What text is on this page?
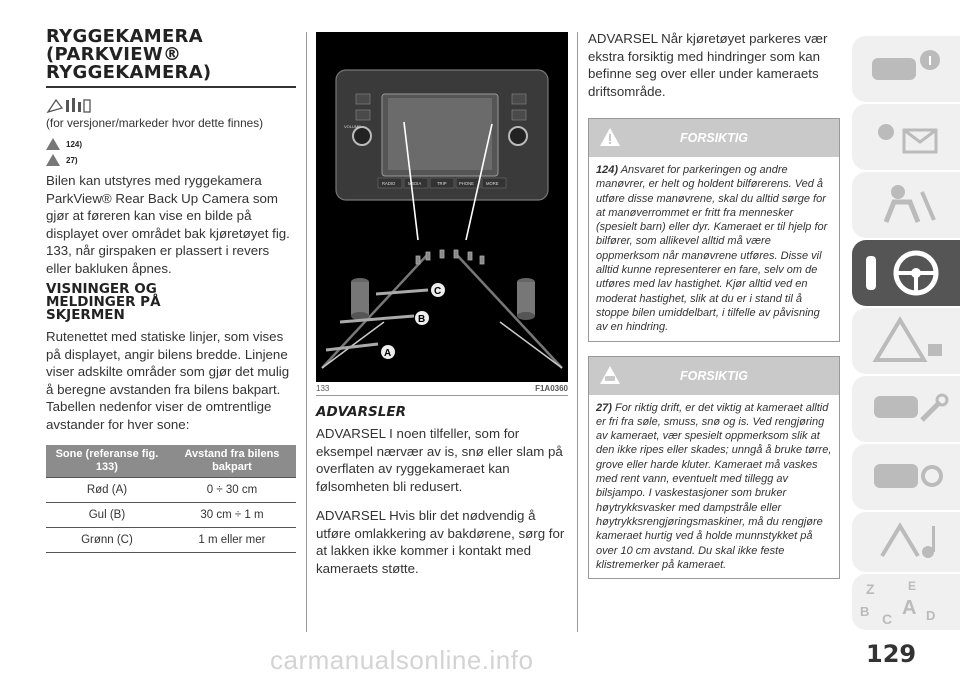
RYGGEKAMERA
(PARKVIEW®
RYGGEKAMERA)

(for versjoner/markeder hvor dette finnes)

124)
27)

Bilen kan utstyres med ryggekamera ParkView® Rear Back Up Camera som gjør at føreren kan vise en bilde på displayet over området bak kjøretøyet fig. 133, når girspaken er plassert i revers eller bakluken åpnes.

VISNINGER OG
MELDINGER PÅ
SKJERMEN

Rutenettet med statiske linjer, som vises på displayet, angir bilens bredde. Linjene viser adskilte områder som gjør det mulig å beregne avstanden fra bilens bakpart.

Tabellen nedenfor viser de omtrentlige avstander for hver sone:

Sone (referanse fig. 133)	Avstand fra bilens bakpart
Rød (A)	0 ÷ 30 cm
Gul (B)	30 cm ÷ 1 m
Grønn (C)	1 m eller mer
VOLUME
RADIO	MEDIA	TRIP	PHONE	MORE
A
B
C
133	F1A0360
ADVARSLER

ADVARSEL I noen tilfeller, som for eksempel nærvær av is, snø eller slam på overflaten av ryggekameraet kan følsomheten bli redusert.

ADVARSEL Hvis blir det nødvendig å utføre omlakkering av bakdørene, sørg for at lakken ikke kommer i kontakt med kameraets støtte.

ADVARSEL Når kjøretøyet parkeres vær ekstra forsiktig med hindringer som kan befinne seg over eller under kameraets driftsområde.

FORSIKTIG
124) Ansvaret for parkeringen og andre manøvrer, er helt og holdent bilførerens. Ved å utføre disse manøvrene, skal du alltid sørge for at manøverrommet er fritt fra mennesker (spesielt barn) eller dyr. Kameraet er til hjelp for bilfører, som allikevel alltid må være oppmerksom når manøvrene utføres. Disse vil alltid kunne representerer en fare, selv om de utføres med lav hastighet. Kjør alltid ved en moderat hastighet, slik at du er i stand til å stoppe bilen umiddelbart, i tilfelle av påvisning av en hindring.
FORSIKTIG
27) For riktig drift, er det viktig at kameraet alltid er fri fra søle, smuss, snø og is. Ved rengjøring av kameraet, vær spesielt oppmerksom slik at den ikke ripes eller skades; unngå å bruke tørre, grove eller harde kluter. Kameraet må vaskes med rent vann, eventuelt med tillegg av bilsjampo. I vaskestasjoner som bruker høytrykksvasker med dampstråle eller høytrykksrengjøringsmaskiner, må du rengjøre kameraet hurtig ved å holde munnstykket på over 10 cm avstand. Du skal ikke feste klistremerker på kameraet.
Z	E
B C A D
carmanualsonline.info	129
